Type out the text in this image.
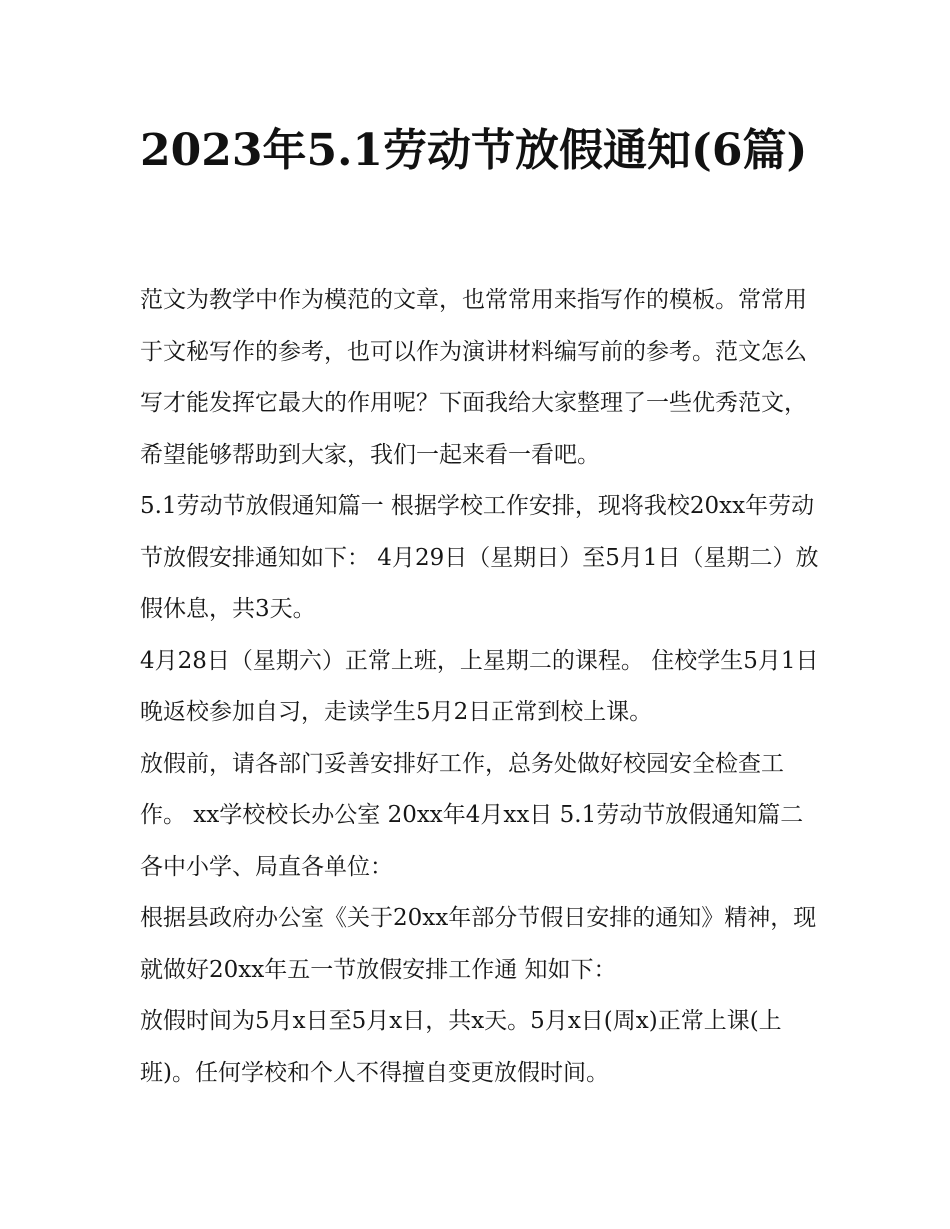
2023年5.1劳动节放假通知(6篇)

范文为教学中作为模范的文章，也常常用来指写作的模板。常常用于文秘写作的参考，也可以作为演讲材料编写前的参考。范文怎么写才能发挥它最大的作用呢？下面我给大家整理了一些优秀范文，希望能够帮助到大家，我们一起来看一看吧。

5.1劳动节放假通知篇一 根据学校工作安排，现将我校20xx年劳动节放假安排通知如下： 4月29日（星期日）至5月1日（星期二）放假休息，共3天。

4月28日（星期六）正常上班，上星期二的课程。 住校学生5月1日晚返校参加自习，走读学生5月2日正常到校上课。

放假前，请各部门妥善安排好工作，总务处做好校园安全检查工作。 xx学校校长办公室 20xx年4月xx日 5.1劳动节放假通知篇二 各中小学、局直各单位：

根据县政府办公室《关于20xx年部分节假日安排的通知》精神，现就做好20xx年五一节放假安排工作通 知如下：

放假时间为5月x日至5月x日，共x天。5月x日(周x)正常上课(上班)。任何学校和个人不得擅自变更放假时间。
